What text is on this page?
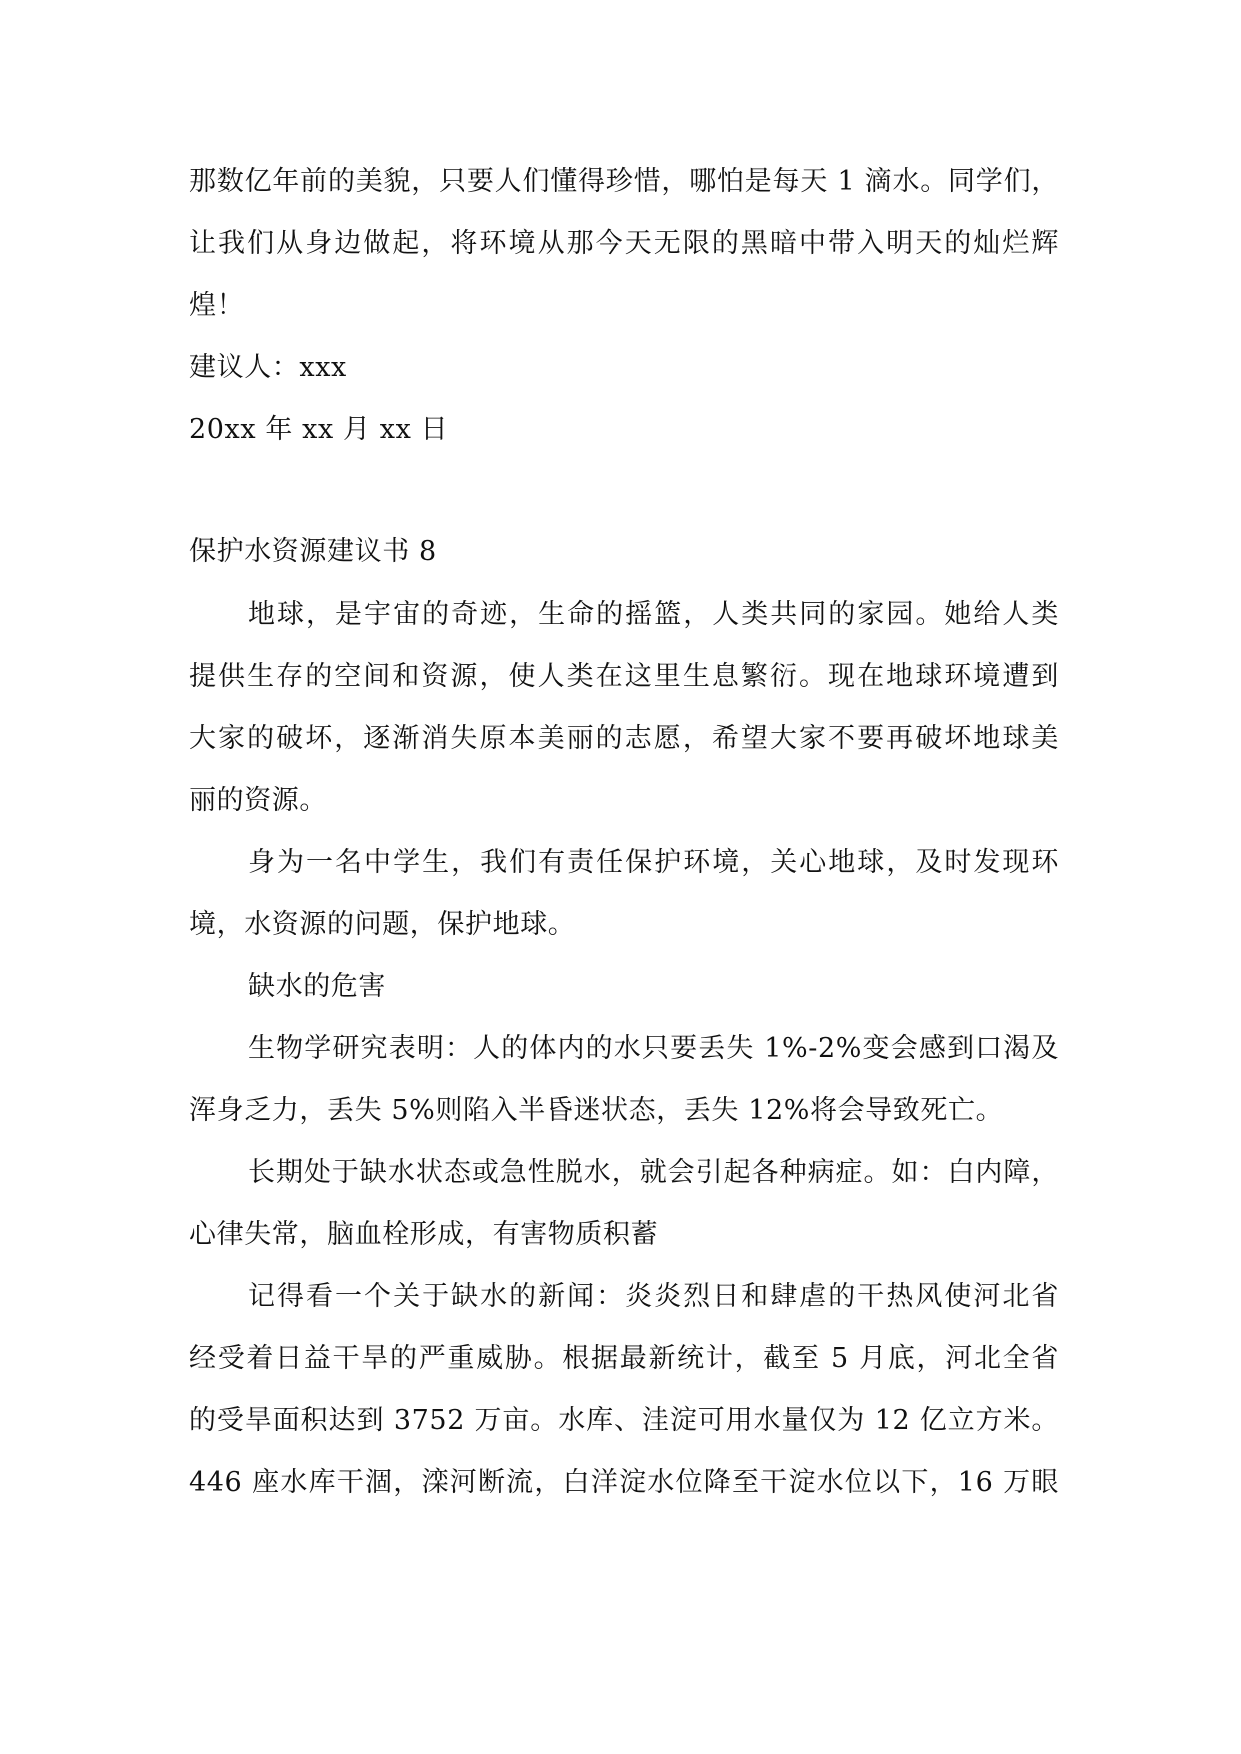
那数亿年前的美貌，只要人们懂得珍惜，哪怕是每天 1 滴水。同学们，
让我们从身边做起，将环境从那今天无限的黑暗中带入明天的灿烂辉
煌！
建议人：xxx
20xx 年 xx 月 xx 日
保护水资源建议书 8
地球，是宇宙的奇迹，生命的摇篮，人类共同的家园。她给人类
提供生存的空间和资源，使人类在这里生息繁衍。现在地球环境遭到
大家的破坏，逐渐消失原本美丽的志愿，希望大家不要再破坏地球美
丽的资源。
身为一名中学生，我们有责任保护环境，关心地球，及时发现环
境，水资源的问题，保护地球。
缺水的危害
生物学研究表明：人的体内的水只要丢失 1%-2%变会感到口渴及
浑身乏力，丢失 5%则陷入半昏迷状态，丢失 12%将会导致死亡。
长期处于缺水状态或急性脱水，就会引起各种病症。如：白内障，
心律失常，脑血栓形成，有害物质积蓄
记得看一个关于缺水的新闻：炎炎烈日和肆虐的干热风使河北省
经受着日益干旱的严重威胁。根据最新统计，截至 5 月底，河北全省
的受旱面积达到 3752 万亩。水库、洼淀可用水量仅为 12 亿立方米。
446 座水库干涸，滦河断流，白洋淀水位降至干淀水位以下，16 万眼
